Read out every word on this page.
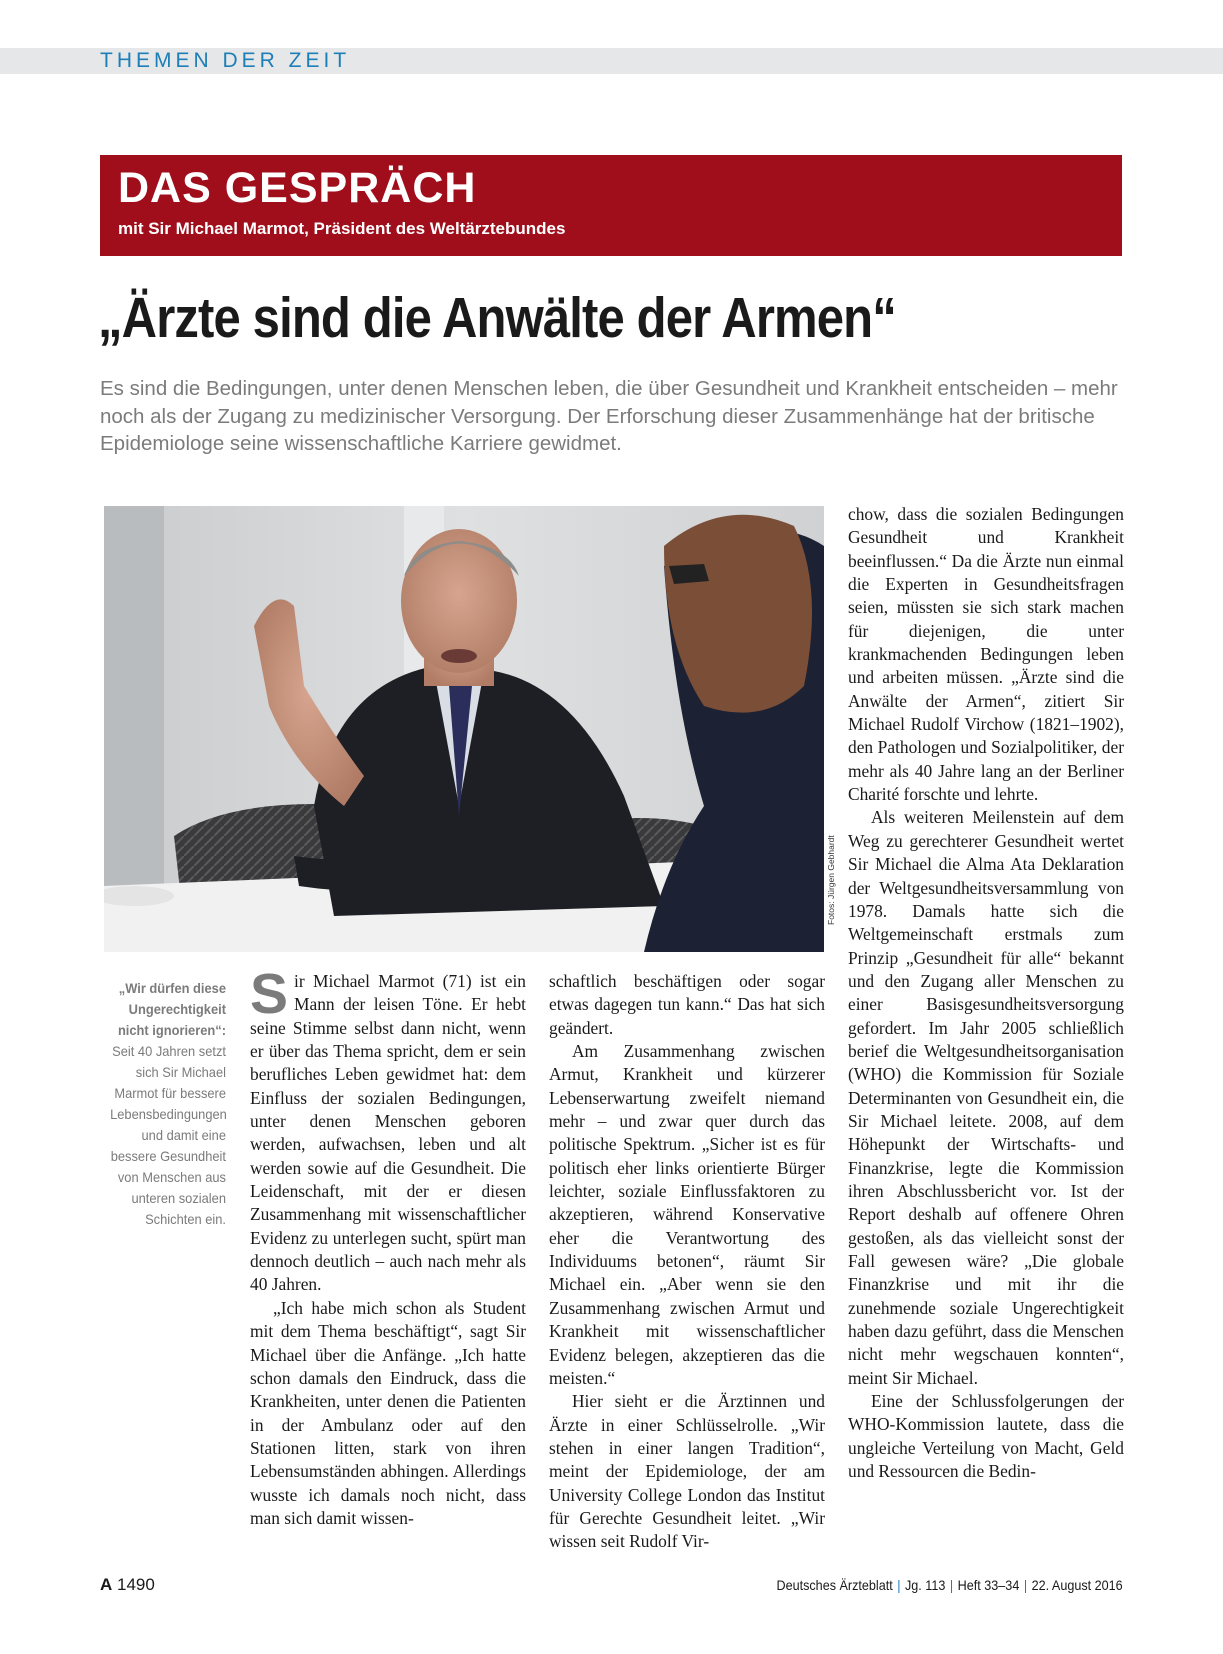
THEMEN DER ZEIT
DAS GESPRÄCH
mit Sir Michael Marmot, Präsident des Weltärztebundes
„Ärzte sind die Anwälte der Armen“
Es sind die Bedingungen, unter denen Menschen leben, die über Gesundheit und Krankheit entscheiden – mehr noch als der Zugang zu medizinischer Versorgung. Der Erforschung dieser Zusammenhänge hat der britische Epidemiologe seine wissenschaftliche Karriere gewidmet.
Fotos: Jürgen Gebhardt
„Wir dürfen diese Ungerechtigkeit nicht ignorieren“: Seit 40 Jahren setzt sich Sir Michael Marmot für bessere Lebensbedingungen und damit eine bessere Gesundheit von Menschen aus unteren sozialen Schichten ein.

Sir Michael Marmot (71) ist ein Mann der leisen Töne. Er hebt seine Stimme selbst dann nicht, wenn er über das Thema spricht, dem er sein berufliches Leben gewidmet hat: dem Einfluss der sozialen Bedingungen, unter denen Menschen geboren werden, aufwachsen, leben und alt werden sowie auf die Gesundheit. Die Leidenschaft, mit der er diesen Zusammenhang mit wissenschaftlicher Evidenz zu unterlegen sucht, spürt man dennoch deutlich – auch nach mehr als 40 Jahren.

„Ich habe mich schon als Student mit dem Thema beschäftigt“, sagt Sir Michael über die Anfänge. „Ich hatte schon damals den Eindruck, dass die Krankheiten, unter denen die Patienten in der Ambulanz oder auf den Stationen litten, stark von ihren Lebensumständen abhingen. Allerdings wusste ich damals noch nicht, dass man sich damit wissen-

schaftlich beschäftigen oder sogar etwas dagegen tun kann.“ Das hat sich geändert.

Am Zusammenhang zwischen Armut, Krankheit und kürzerer Lebenserwartung zweifelt niemand mehr – und zwar quer durch das politische Spektrum. „Sicher ist es für politisch eher links orientierte Bürger leichter, soziale Einflussfaktoren zu akzeptieren, während Konservative eher die Verantwortung des Individuums betonen“, räumt Sir Michael ein. „Aber wenn sie den Zusammenhang zwischen Armut und Krankheit mit wissenschaftlicher Evidenz belegen, akzeptieren das die meisten.“

Hier sieht er die Ärztinnen und Ärzte in einer Schlüsselrolle. „Wir stehen in einer langen Tradition“, meint der Epidemiologe, der am University College London das Institut für Gerechte Gesundheit leitet. „Wir wissen seit Rudolf Vir-

chow, dass die sozialen Bedingungen Gesundheit und Krankheit beeinflussen.“ Da die Ärzte nun einmal die Experten in Gesundheitsfragen seien, müssten sie sich stark machen für diejenigen, die unter krankmachenden Bedingungen leben und arbeiten müssen. „Ärzte sind die Anwälte der Armen“, zitiert Sir Michael Rudolf Virchow (1821–1902), den Pathologen und Sozialpolitiker, der mehr als 40 Jahre lang an der Berliner Charité forschte und lehrte.

Als weiteren Meilenstein auf dem Weg zu gerechterer Gesundheit wertet Sir Michael die Alma Ata Deklaration der Weltgesundheitsversammlung von 1978. Damals hatte sich die Weltgemeinschaft erstmals zum Prinzip „Gesundheit für alle“ bekannt und den Zugang aller Menschen zu einer Basisgesundheitsversorgung gefordert. Im Jahr 2005 schließlich berief die Weltgesundheitsorganisation (WHO) die Kommission für Soziale Determinanten von Gesundheit ein, die Sir Michael leitete. 2008, auf dem Höhepunkt der Wirtschafts- und Finanzkrise, legte die Kommission ihren Abschlussbericht vor. Ist der Report deshalb auf offenere Ohren gestoßen, als das vielleicht sonst der Fall gewesen wäre? „Die globale Finanzkrise und mit ihr die zunehmende soziale Ungerechtigkeit haben dazu geführt, dass die Menschen nicht mehr wegschauen konnten“, meint Sir Michael.

Eine der Schlussfolgerungen der WHO-Kommission lautete, dass die ungleiche Verteilung von Macht, Geld und Ressourcen die Bedin-

A 1490	Deutsches Ärzteblatt | Jg. 113 | Heft 33–34 | 22. August 2016
